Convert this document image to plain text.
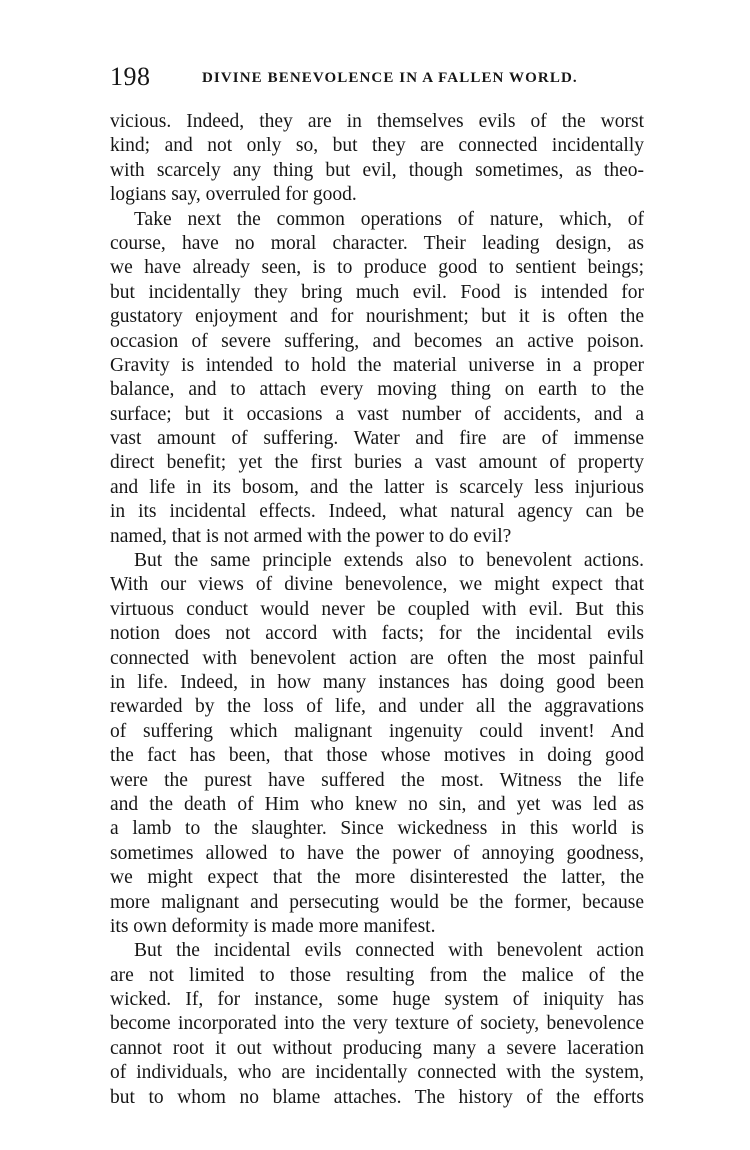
198	DIVINE BENEVOLENCE IN A FALLEN WORLD.
vicious. Indeed, they are in themselves evils of the worst
kind; and not only so, but they are connected incidentally
with scarcely any thing but evil, though sometimes, as theo-
logians say, overruled for good.
Take next the common operations of nature, which, of
course, have no moral character. Their leading design, as
we have already seen, is to produce good to sentient beings;
but incidentally they bring much evil. Food is intended for
gustatory enjoyment and for nourishment; but it is often the
occasion of severe suffering, and becomes an active poison.
Gravity is intended to hold the material universe in a proper
balance, and to attach every moving thing on earth to the
surface; but it occasions a vast number of accidents, and a
vast amount of suffering. Water and fire are of immense
direct benefit; yet the first buries a vast amount of property
and life in its bosom, and the latter is scarcely less injurious
in its incidental effects. Indeed, what natural agency can be
named, that is not armed with the power to do evil?
But the same principle extends also to benevolent actions.
With our views of divine benevolence, we might expect that
virtuous conduct would never be coupled with evil. But this
notion does not accord with facts; for the incidental evils
connected with benevolent action are often the most painful
in life. Indeed, in how many instances has doing good been
rewarded by the loss of life, and under all the aggravations
of suffering which malignant ingenuity could invent! And
the fact has been, that those whose motives in doing good
were the purest have suffered the most. Witness the life
and the death of Him who knew no sin, and yet was led as
a lamb to the slaughter. Since wickedness in this world is
sometimes allowed to have the power of annoying goodness,
we might expect that the more disinterested the latter, the
more malignant and persecuting would be the former, because
its own deformity is made more manifest.
But the incidental evils connected with benevolent action
are not limited to those resulting from the malice of the
wicked. If, for instance, some huge system of iniquity has
become incorporated into the very texture of society, benevolence
cannot root it out without producing many a severe laceration
of individuals, who are incidentally connected with the system,
but to whom no blame attaches. The history of the efforts
